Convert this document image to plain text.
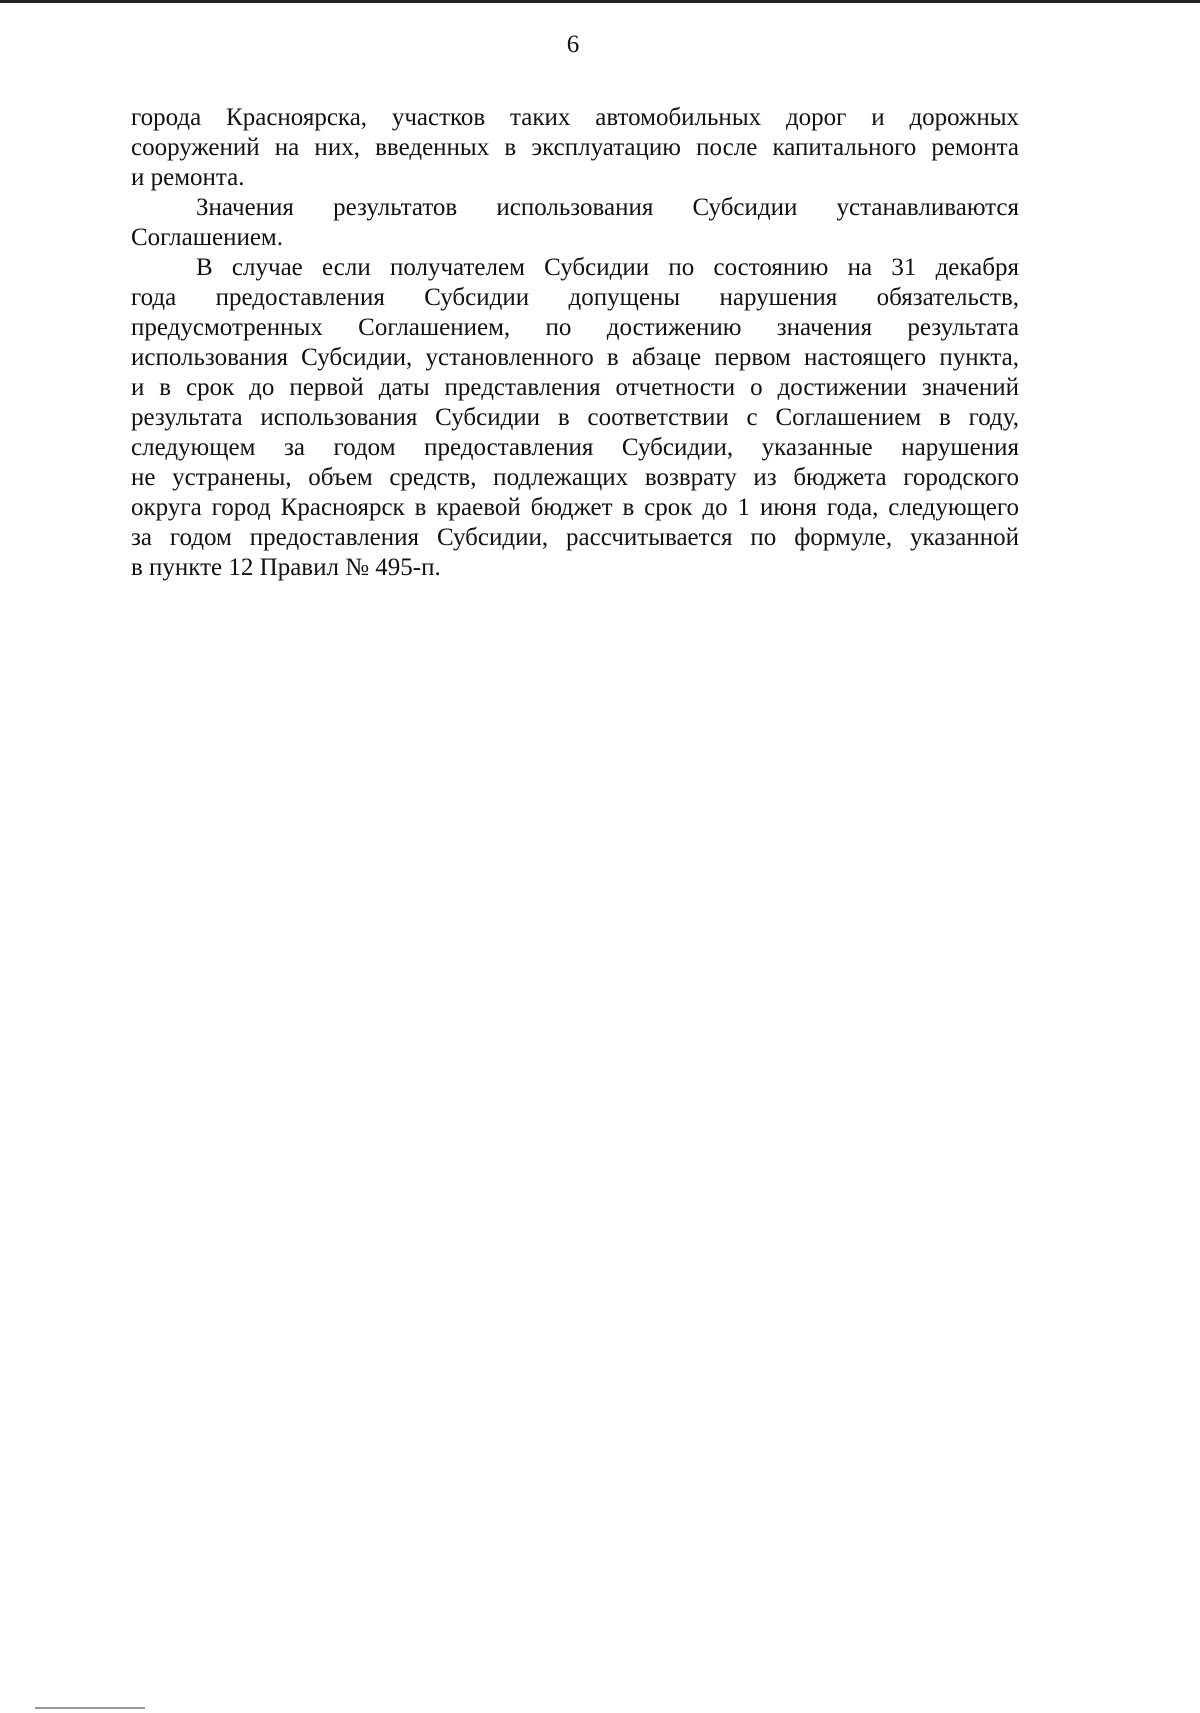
6
города Красноярска, участков таких автомобильных дорог и дорожных
сооружений на них, введенных в эксплуатацию после капитального ремонта
и ремонта.
Значения результатов использования Субсидии устанавливаются
Соглашением.
В случае если получателем Субсидии по состоянию на 31 декабря
года предоставления Субсидии допущены нарушения обязательств,
предусмотренных Соглашением, по достижению значения результата
использования Субсидии, установленного в абзаце первом настоящего пункта,
и в срок до первой даты представления отчетности о достижении значений
результата использования Субсидии в соответствии с Соглашением в году,
следующем за годом предоставления Субсидии, указанные нарушения
не устранены, объем средств, подлежащих возврату из бюджета городского
округа город Красноярск в краевой бюджет в срок до 1 июня года, следующего
за годом предоставления Субсидии, рассчитывается по формуле, указанной
в пункте 12 Правил № 495-п.
